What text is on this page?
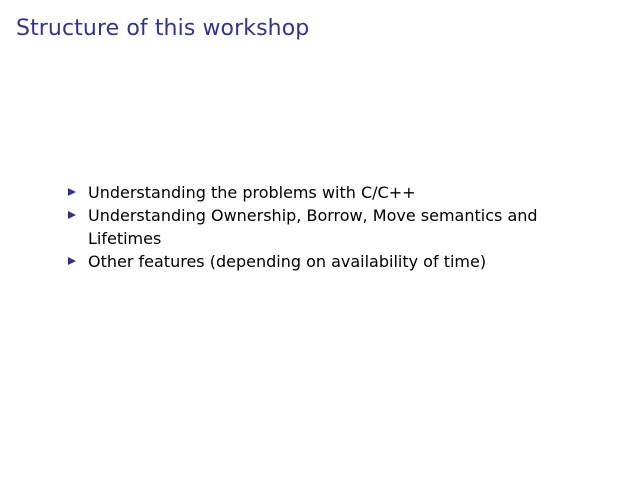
Structure of this workshop
Understanding the problems with C/C++
Understanding Ownership, Borrow, Move semantics and Lifetimes
Other features (depending on availability of time)
